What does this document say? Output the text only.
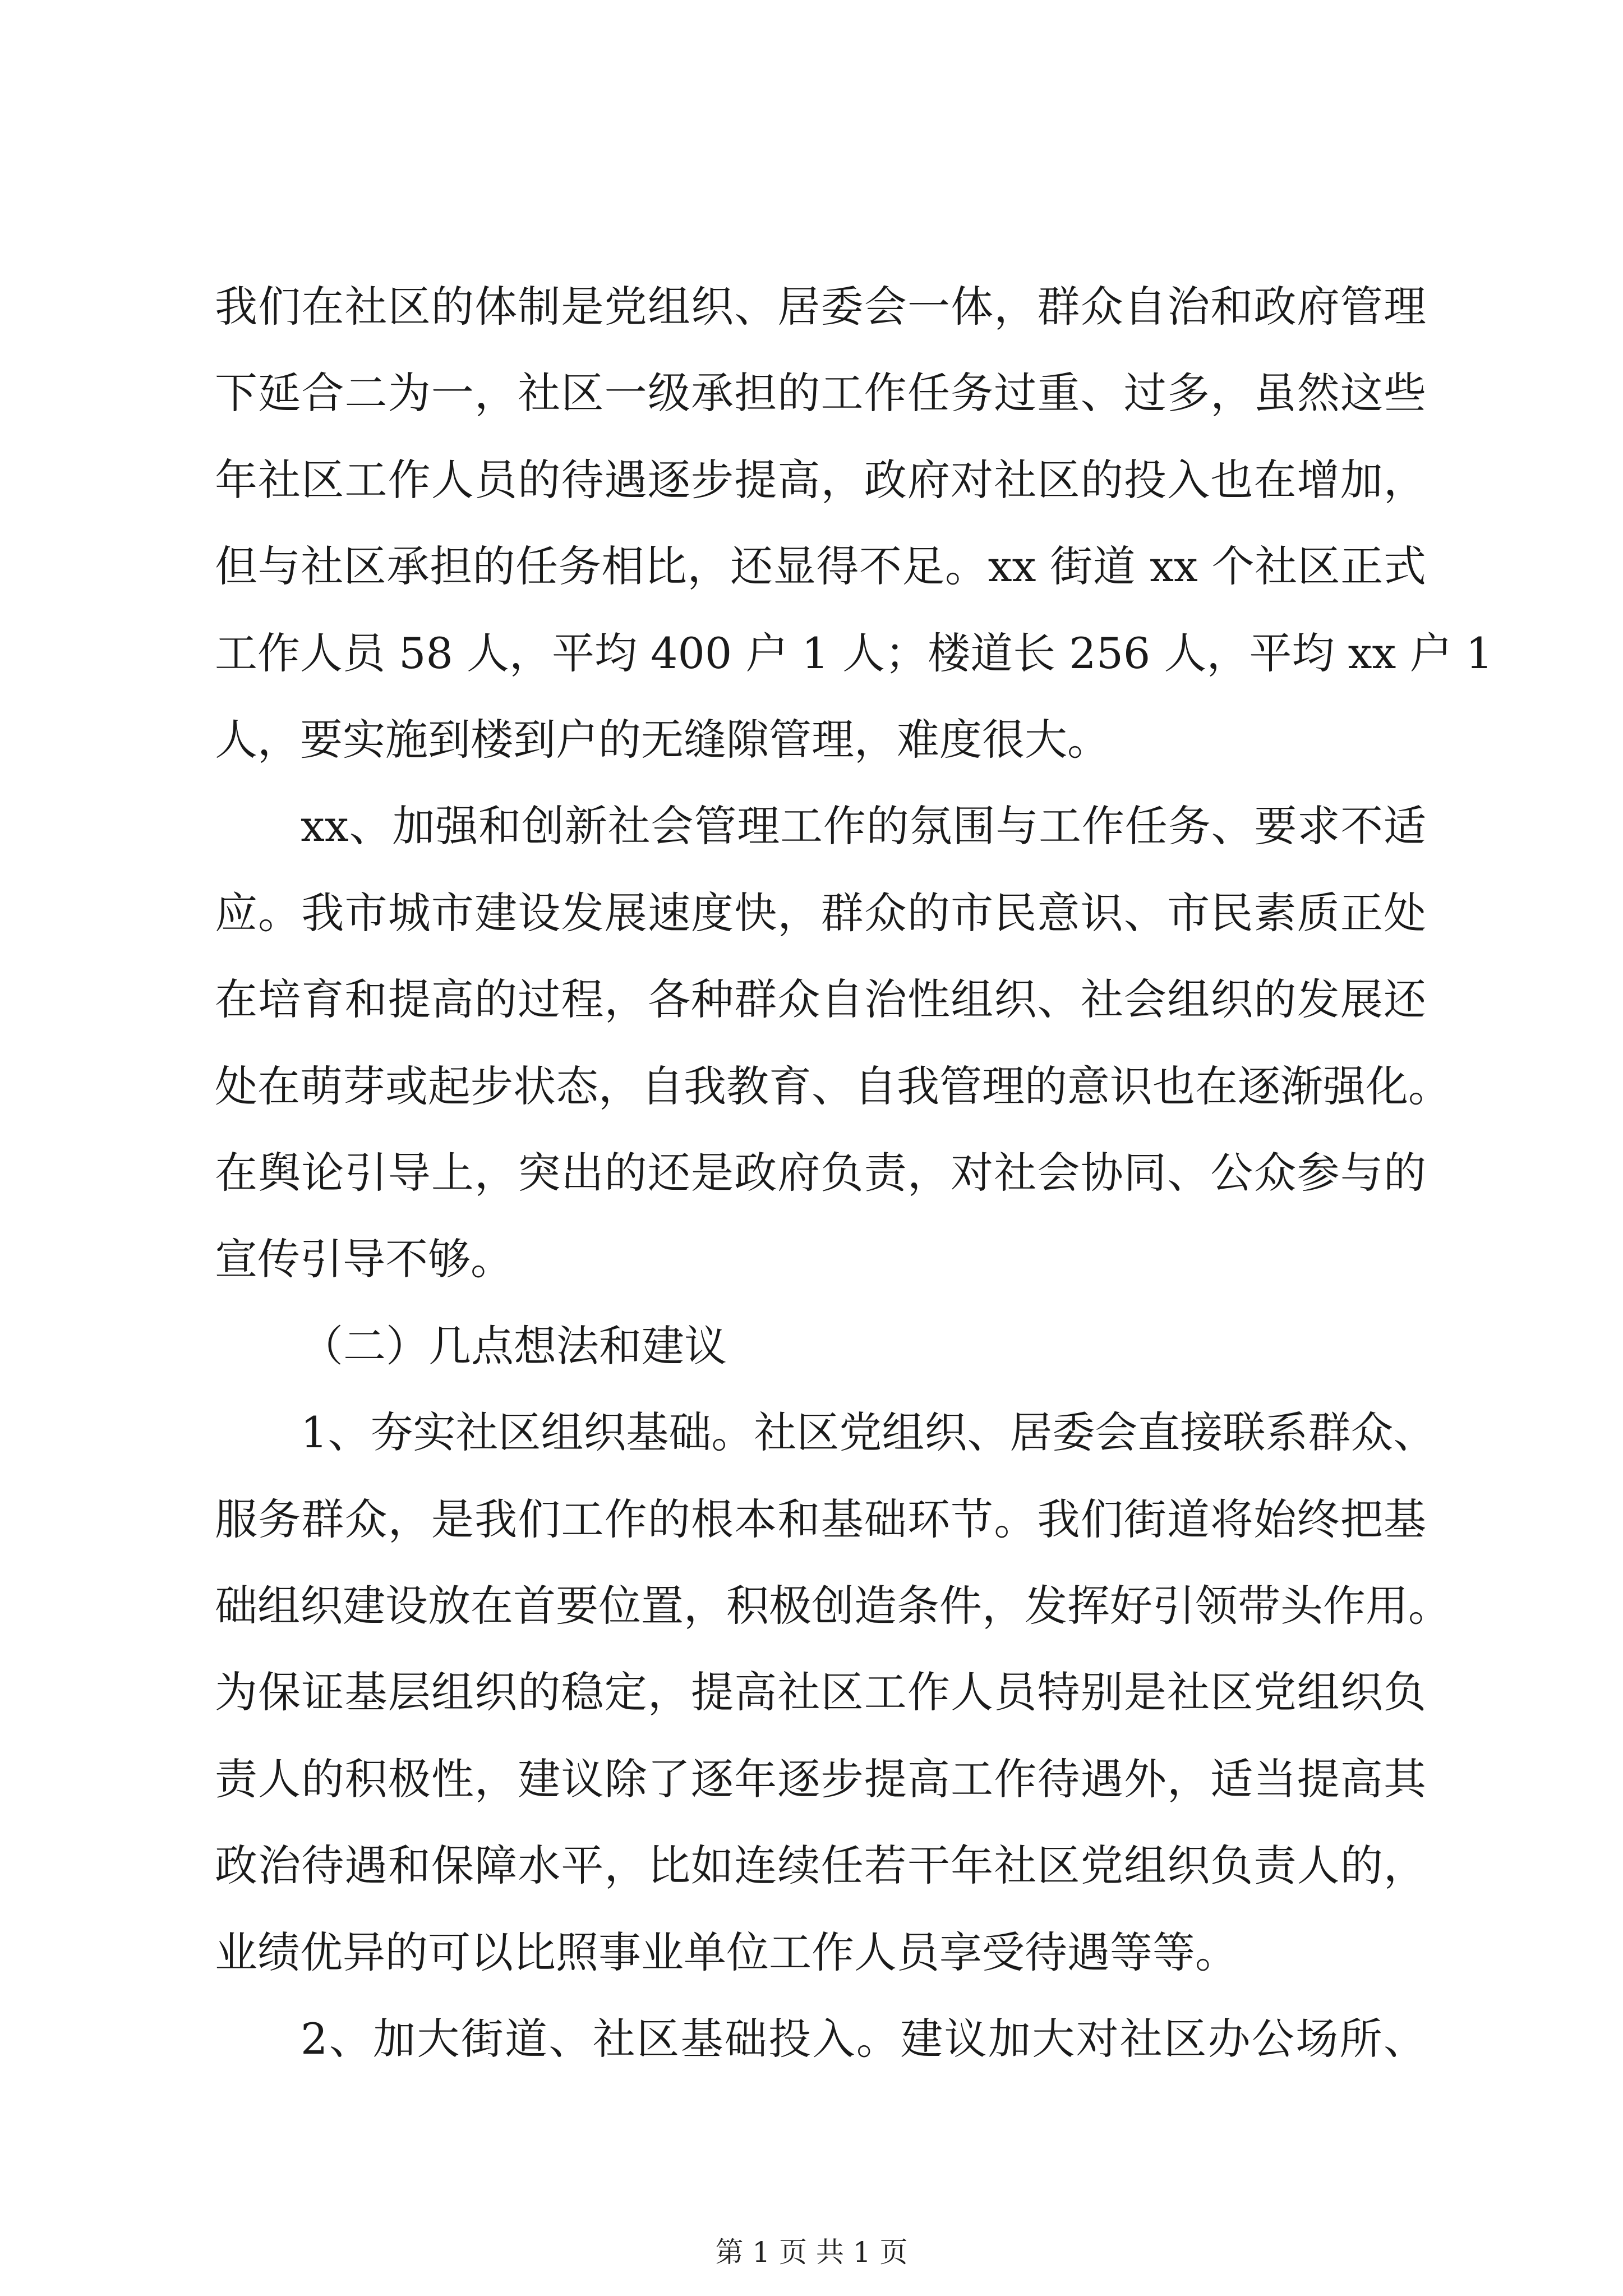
我们在社区的体制是党组织、居委会一体，群众自治和政府管理
下延合二为一，社区一级承担的工作任务过重、过多，虽然这些
年社区工作人员的待遇逐步提高，政府对社区的投入也在增加，
但与社区承担的任务相比，还显得不足。xx 街道 xx 个社区正式
工作人员 58 人，平均 400 户 1 人；楼道长 256 人，平均 xx 户 1
人，要实施到楼到户的无缝隙管理，难度很大。
xx、加强和创新社会管理工作的氛围与工作任务、要求不适
应。我市城市建设发展速度快，群众的市民意识、市民素质正处
在培育和提高的过程，各种群众自治性组织、社会组织的发展还
处在萌芽或起步状态，自我教育、自我管理的意识也在逐渐强化。
在舆论引导上，突出的还是政府负责，对社会协同、公众参与的
宣传引导不够。
（二）几点想法和建议
1、夯实社区组织基础。社区党组织、居委会直接联系群众、
服务群众，是我们工作的根本和基础环节。我们街道将始终把基
础组织建设放在首要位置，积极创造条件，发挥好引领带头作用。
为保证基层组织的稳定，提高社区工作人员特别是社区党组织负
责人的积极性，建议除了逐年逐步提高工作待遇外，适当提高其
政治待遇和保障水平，比如连续任若干年社区党组织负责人的，
业绩优异的可以比照事业单位工作人员享受待遇等等。
2、加大街道、社区基础投入。建议加大对社区办公场所、
第 1 页 共 1 页
